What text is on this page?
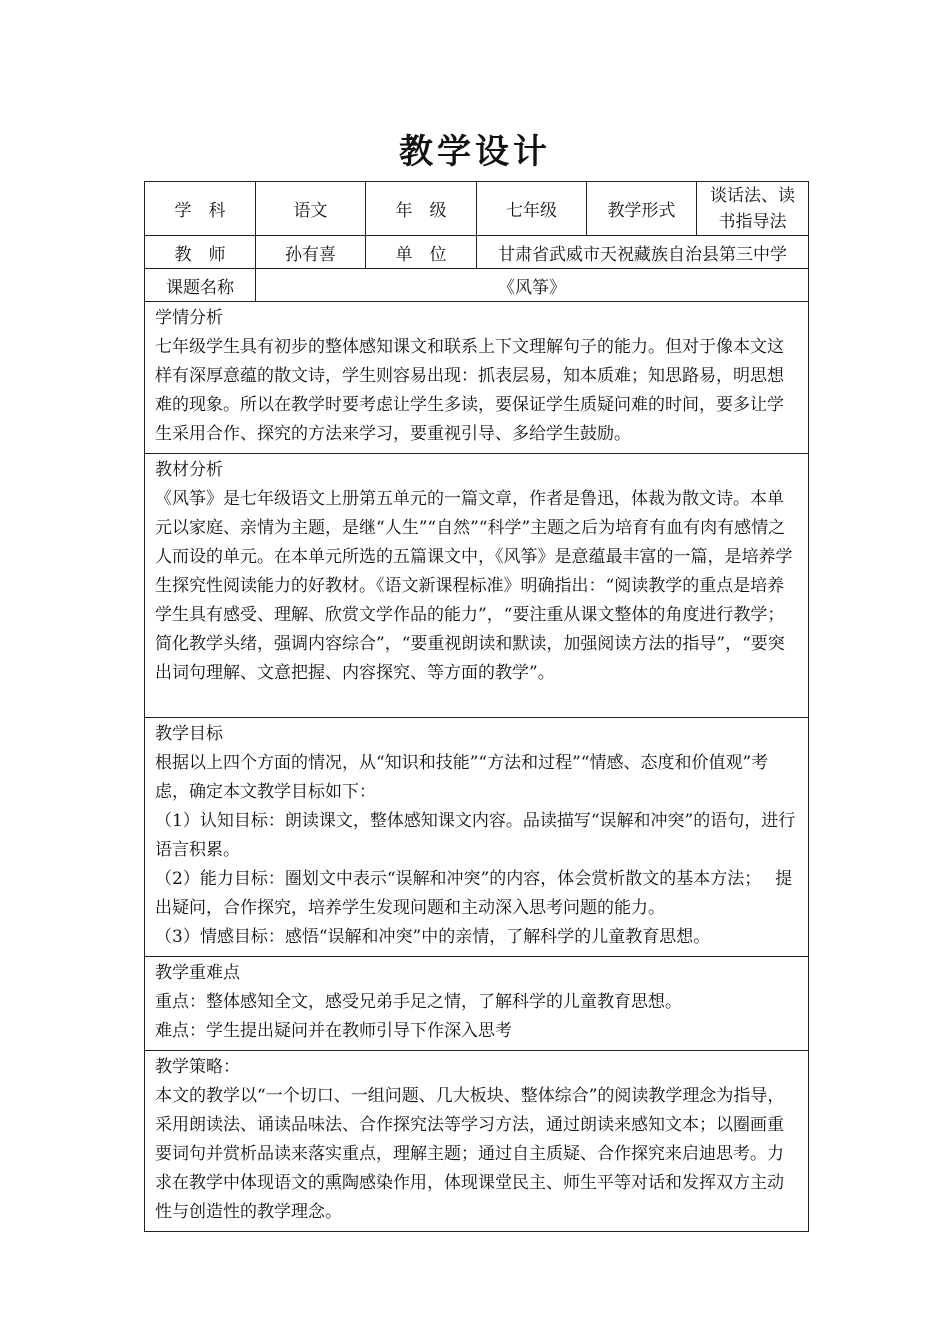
教学设计
学　科	语文	年　级	七年级	教学形式	谈话法、读
书指导法

教　师	孙有喜	单　位	甘肃省武威市天祝藏族自治县第三中学		
课题名称	《风筝》				

学情分析

七年级学生具有初步的整体感知课文和联系上下文理解句子的能力。但对于像本文这样有深厚意蕴的散文诗，学生则容易出现：抓表层易，知本质难；知思路易，明思想难的现象。所以在教学时要考虑让学生多读，要保证学生质疑问难的时间，要多让学生采用合作、探究的方法来学习，要重视引导、多给学生鼓励。					

教材分析

《风筝》是七年级语文上册第五单元的一篇文章，作者是鲁迅，体裁为散文诗。本单元以家庭、亲情为主题，是继“人生”“自然”“科学”主题之后为培育有血有肉有感情之人而设的单元。在本单元所选的五篇课文中，《风筝》是意蕴最丰富的一篇，是培养学生探究性阅读能力的好教材。《语文新课程标准》明确指出：“阅读教学的重点是培养学生具有感受、理解、欣赏文学作品的能力”，“要注重从课文整体的角度进行教学；简化教学头绪，强调内容综合”，“要重视朗读和默读，加强阅读方法的指导”，“要突出词句理解、文意把握、内容探究、等方面的教学”。					

教学目标

根据以上四个方面的情况，从“知识和技能”“方法和过程”“情感、态度和价值观”考虑，确定本文教学目标如下：

（1）认知目标：朗读课文，整体感知课文内容。品读描写“误解和冲突”的语句，进行语言积累。

（2）能力目标：圈划文中表示“误解和冲突”的内容，体会赏析散文的基本方法；　 提出疑问，合作探究，培养学生发现问题和主动深入思考问题的能力。

（3）情感目标：感悟“误解和冲突”中的亲情，了解科学的儿童教育思想。					

教学重难点

重点：整体感知全文，感受兄弟手足之情，了解科学的儿童教育思想。

难点：学生提出疑问并在教师引导下作深入思考					

教学策略：

本文的教学以“一个切口、一组问题、几大板块、整体综合”的阅读教学理念为指导，采用朗读法、诵读品味法、合作探究法等学习方法，通过朗读来感知文本；以圈画重要词句并赏析品读来落实重点，理解主题；通过自主质疑、合作探究来启迪思考。力求在教学中体现语文的熏陶感染作用，体现课堂民主、师生平等对话和发挥双方主动性与创造性的教学理念。					
